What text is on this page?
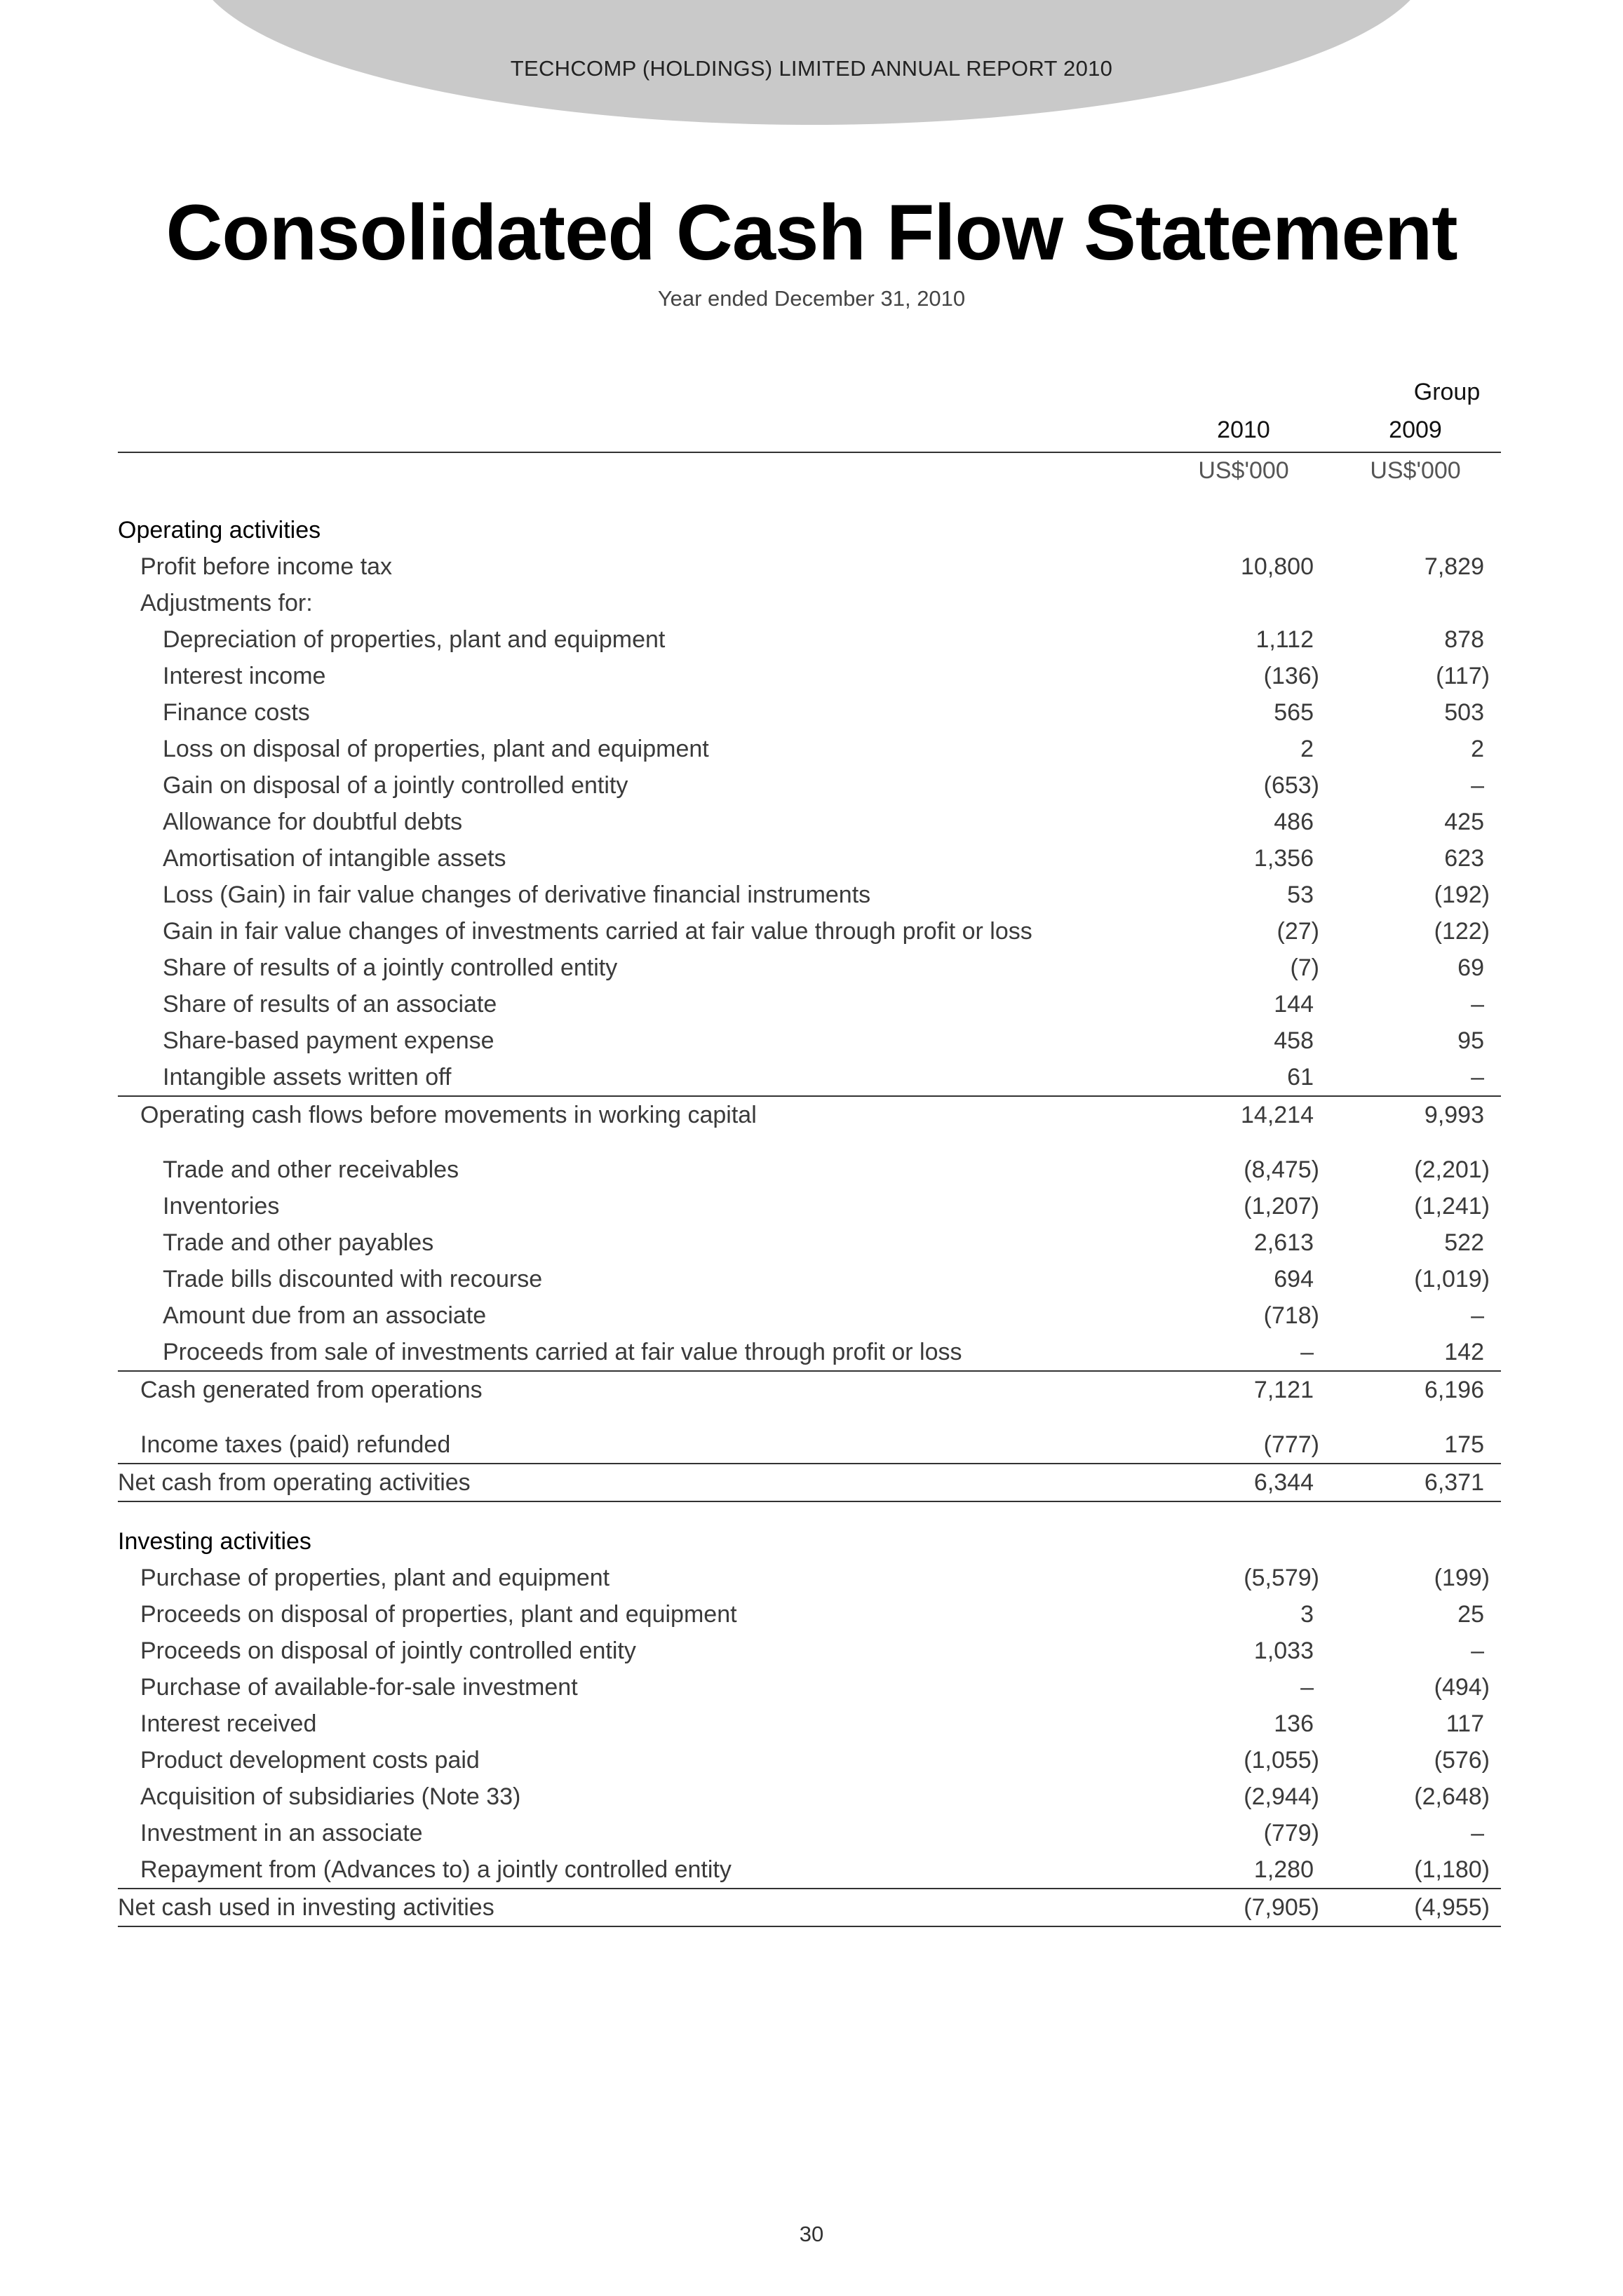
TECHCOMP (HOLDINGS) LIMITED ANNUAL REPORT 2010
Consolidated Cash Flow Statement
Year ended December 31, 2010
Group
2010	2009
US$'000	US$'000
Operating activities
Profit before income tax	10,800	7,829
Adjustments for:
Depreciation of properties, plant and equipment	1,112	878
Interest income	(136)	(117)
Finance costs	565	503
Loss on disposal of properties, plant and equipment	2	2
Gain on disposal of a jointly controlled entity	(653)	–
Allowance for doubtful debts	486	425
Amortisation of intangible assets	1,356	623
Loss (Gain) in fair value changes of derivative financial instruments	53	(192)
Gain in fair value changes of investments carried at fair value through profit or loss	(27)	(122)
Share of results of a jointly controlled entity	(7)	69
Share of results of an associate	144	–
Share-based payment expense	458	95
Intangible assets written off	61	–
Operating cash flows before movements in working capital	14,214	9,993
Trade and other receivables	(8,475)	(2,201)
Inventories	(1,207)	(1,241)
Trade and other payables	2,613	522
Trade bills discounted with recourse	694	(1,019)
Amount due from an associate	(718)	–
Proceeds from sale of investments carried at fair value through profit or loss	–	142
Cash generated from operations	7,121	6,196
Income taxes (paid) refunded	(777)	175
Net cash from operating activities	6,344	6,371
Investing activities
Purchase of properties, plant and equipment	(5,579)	(199)
Proceeds on disposal of properties, plant and equipment	3	25
Proceeds on disposal of jointly controlled entity	1,033	–
Purchase of available-for-sale investment	–	(494)
Interest received	136	117
Product development costs paid	(1,055)	(576)
Acquisition of subsidiaries (Note 33)	(2,944)	(2,648)
Investment in an associate	(779)	–
Repayment from (Advances to) a jointly controlled entity	1,280	(1,180)
Net cash used in investing activities	(7,905)	(4,955)
30
